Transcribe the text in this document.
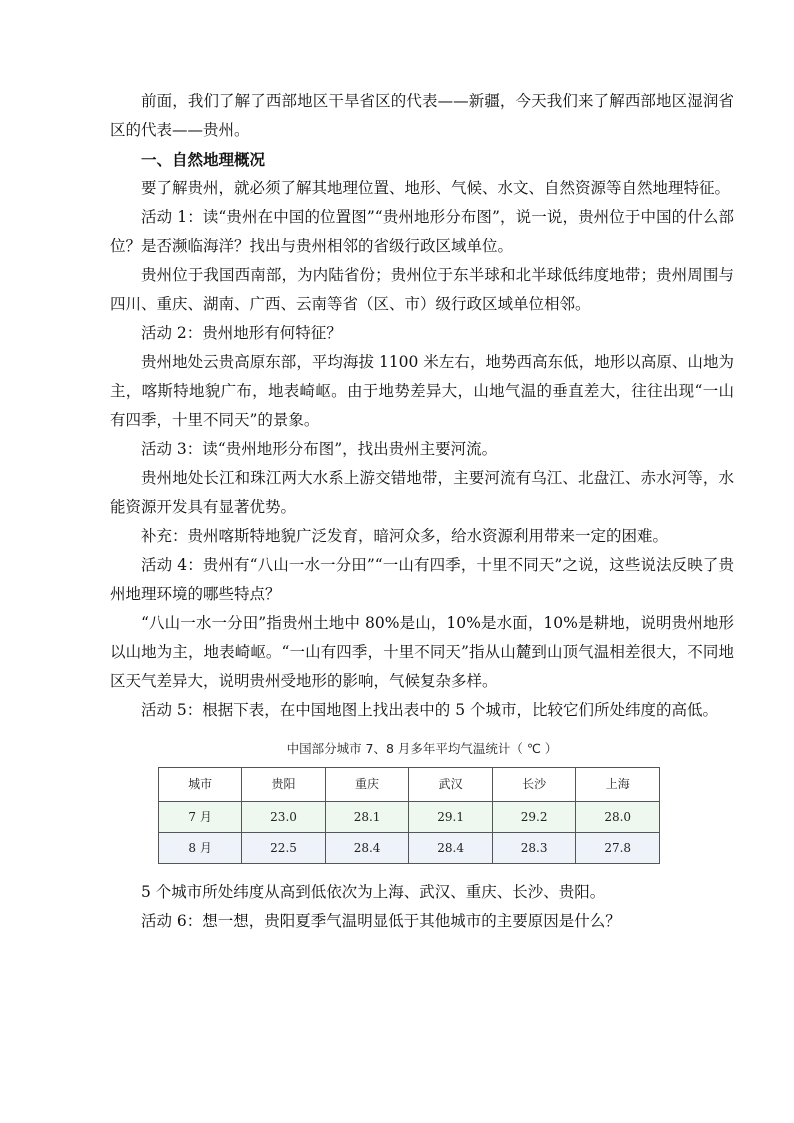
前面，我们了解了西部地区干旱省区的代表——新疆，今天我们来了解西部地区湿润省区的代表——贵州。

一、自然地理概况

要了解贵州，就必须了解其地理位置、地形、气候、水文、自然资源等自然地理特征。

活动 1：读“贵州在中国的位置图”“贵州地形分布图”，说一说，贵州位于中国的什么部位？是否濒临海洋？找出与贵州相邻的省级行政区域单位。

贵州位于我国西南部，为内陆省份；贵州位于东半球和北半球低纬度地带；贵州周围与四川、重庆、湖南、广西、云南等省（区、市）级行政区域单位相邻。

活动 2：贵州地形有何特征？

贵州地处云贵高原东部，平均海拔 1100 米左右，地势西高东低，地形以高原、山地为主，喀斯特地貌广布，地表崎岖。由于地势差异大，山地气温的垂直差大，往往出现“一山有四季，十里不同天”的景象。

活动 3：读“贵州地形分布图”，找出贵州主要河流。

贵州地处长江和珠江两大水系上游交错地带，主要河流有乌江、北盘江、赤水河等，水能资源开发具有显著优势。

补充：贵州喀斯特地貌广泛发育，暗河众多，给水资源利用带来一定的困难。

活动 4：贵州有“八山一水一分田”“一山有四季，十里不同天”之说，这些说法反映了贵州地理环境的哪些特点？

“八山一水一分田”指贵州土地中 80%是山，10%是水面，10%是耕地，说明贵州地形以山地为主，地表崎岖。“一山有四季，十里不同天”指从山麓到山顶气温相差很大，不同地区天气差异大，说明贵州受地形的影响，气候复杂多样。

活动 5：根据下表，在中国地图上找出表中的 5 个城市，比较它们所处纬度的高低。

中国部分城市 7、8 月多年平均气温统计（ ℃ ）
城市	贵阳	重庆	武汉	长沙	上海
7 月	23.0	28.1	29.1	29.2	28.0
8 月	22.5	28.4	28.4	28.3	27.8

5 个城市所处纬度从高到低依次为上海、武汉、重庆、长沙、贵阳。

活动 6：想一想，贵阳夏季气温明显低于其他城市的主要原因是什么？
